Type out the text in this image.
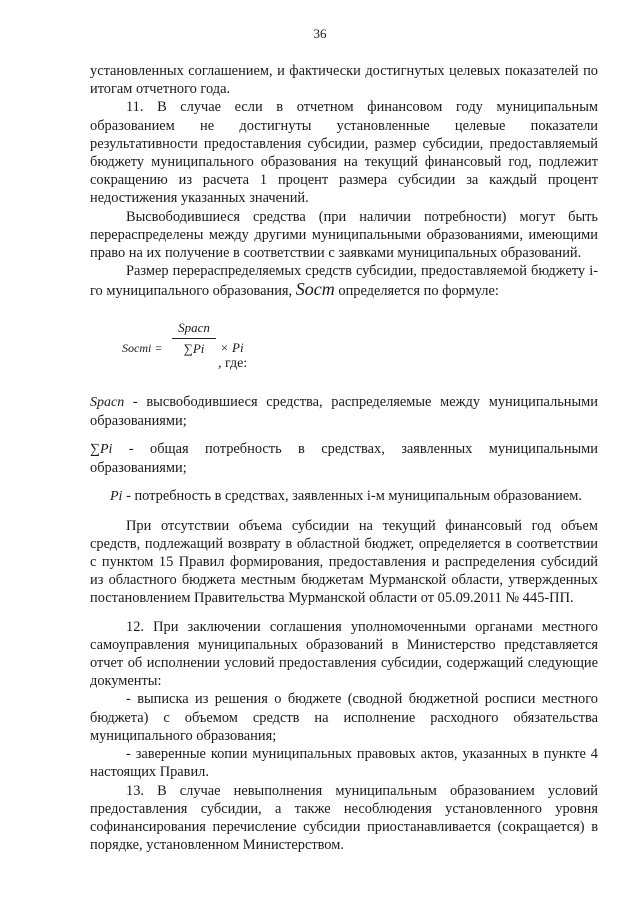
36

установленных соглашением, и фактически достигнутых целевых показателей по итогам отчетного года.

11. В случае если в отчетном финансовом году муниципальным образованием не достигнуты установленные целевые показатели результативности предоставления субсидии, размер субсидии, предоставляемый бюджету муниципального образования на текущий финансовый год, подлежит сокращению из расчета 1 процент размера субсидии за каждый процент недостижения указанных значений.

Высвободившиеся средства (при наличии потребности) могут быть перераспределены между другими муниципальными образованиями, имеющими право на их получение в соответствии с заявками муниципальных образований.

Размер перераспределяемых средств субсидии, предоставляемой бюджету i-го муниципального образования, Sост определяется по формуле:

Sостi =
Sрасп
∑Pi	× Pi
, где:

Sрасп - высвободившиеся средства, распределяемые между муниципальными образованиями;

∑Pi - общая потребность в средствах, заявленных муниципальными образованиями;

Pi - потребность в средствах, заявленных i-м муниципальным образованием.

При отсутствии объема субсидии на текущий финансовый год объем средств, подлежащий возврату в областной бюджет, определяется в соответствии с пунктом 15 Правил формирования, предоставления и распределения субсидий из областного бюджета местным бюджетам Мурманской области, утвержденных постановлением Правительства Мурманской области от 05.09.2011 № 445-ПП.

12. При заключении соглашения уполномоченными органами местного самоуправления муниципальных образований в Министерство представляется отчет об исполнении условий предоставления субсидии, содержащий следующие документы:

- выписка из решения о бюджете (сводной бюджетной росписи местного бюджета) с объемом средств на исполнение расходного обязательства муниципального образования;

- заверенные копии муниципальных правовых актов, указанных в пункте 4 настоящих Правил.

13. В случае невыполнения муниципальным образованием условий предоставления субсидии, а также несоблюдения установленного уровня софинансирования перечисление субсидии приостанавливается (сокращается) в порядке, установленном Министерством.
